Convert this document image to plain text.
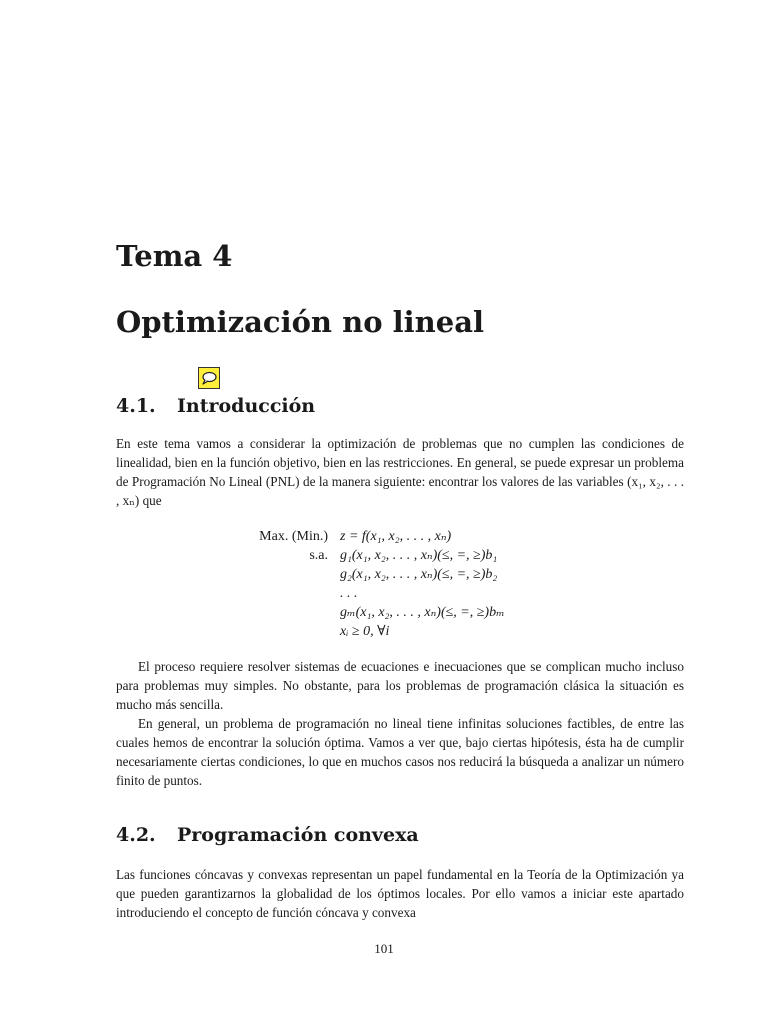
Tema 4
Optimización no lineal
4.1. Introducción

En este tema vamos a considerar la optimización de problemas que no cumplen las condiciones de linealidad, bien en la función objetivo, bien en las restricciones. En general, se puede expresar un problema de Programación No Lineal (PNL) de la manera siguiente: encontrar los valores de las variables (x₁, x₂, . . . , xₙ) que

Max. (Min.) z = f(x₁, x₂, . . . , xₙ)
s.a. g₁(x₁, x₂, . . . , xₙ)(≤, =, ≥)b₁
g₂(x₁, x₂, . . . , xₙ)(≤, =, ≥)b₂
. . .
gₘ(x₁, x₂, . . . , xₙ)(≤, =, ≥)bₘ
xᵢ ≥ 0, ∀i

El proceso requiere resolver sistemas de ecuaciones e inecuaciones que se complican mucho incluso para problemas muy simples. No obstante, para los problemas de programación clásica la situación es mucho más sencilla.

En general, un problema de programación no lineal tiene infinitas soluciones factibles, de entre las cuales hemos de encontrar la solución óptima. Vamos a ver que, bajo ciertas hipótesis, ésta ha de cumplir necesariamente ciertas condiciones, lo que en muchos casos nos reducirá la búsqueda a analizar un número finito de puntos.

4.2. Programación convexa

Las funciones cóncavas y convexas representan un papel fundamental en la Teoría de la Optimización ya que pueden garantizarnos la globalidad de los óptimos locales. Por ello vamos a iniciar este apartado introduciendo el concepto de función cóncava y convexa

101
